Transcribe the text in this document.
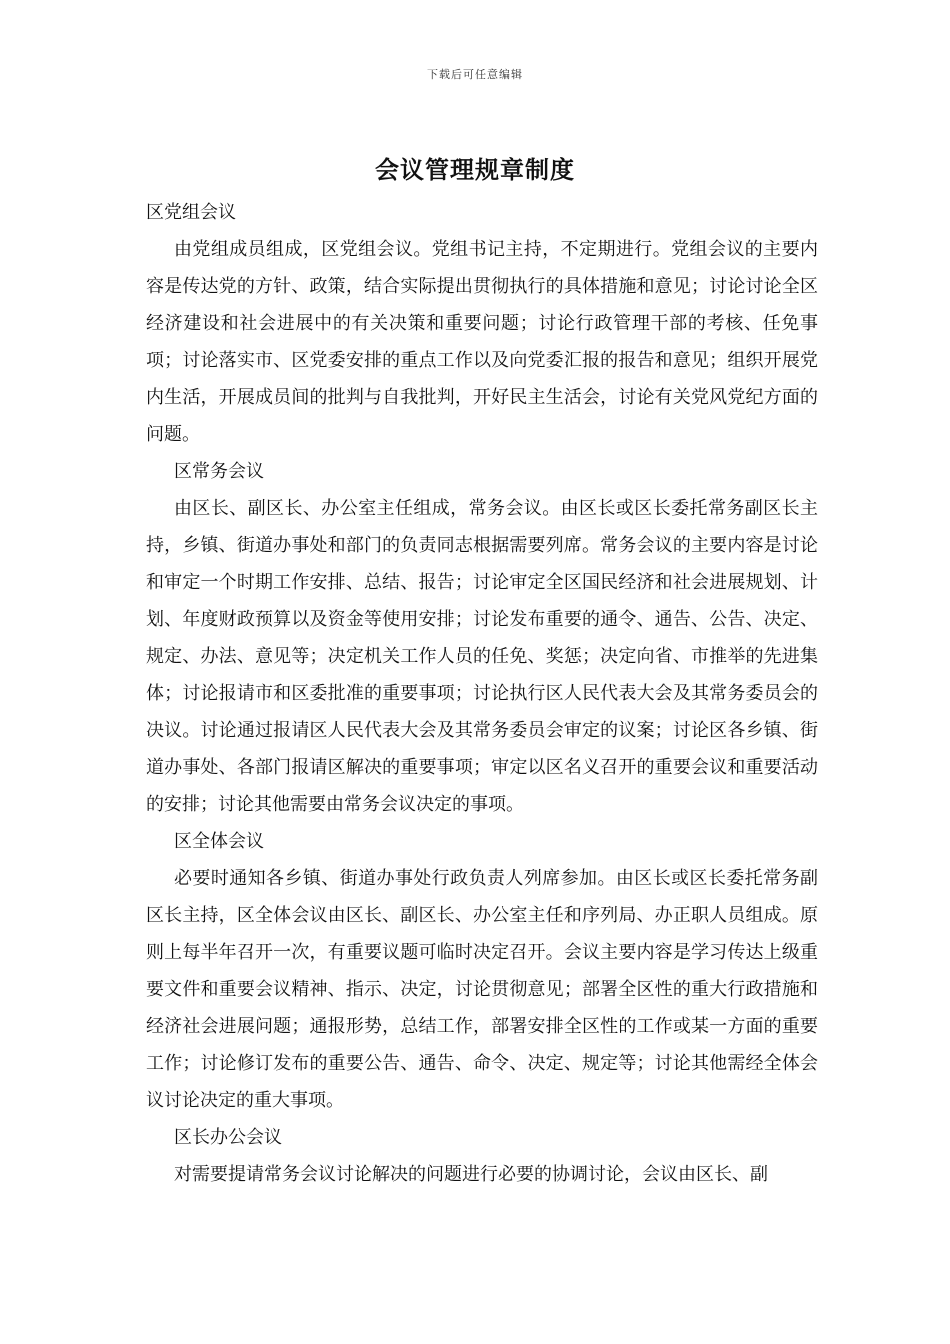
下载后可任意编辑
会议管理规章制度

区党组会议

由党组成员组成，区党组会议。党组书记主持，不定期进行。党组会议的主要内容是传达党的方针、政策，结合实际提出贯彻执行的具体措施和意见；讨论讨论全区经济建设和社会进展中的有关决策和重要问题；讨论行政管理干部的考核、任免事项；讨论落实市、区党委安排的重点工作以及向党委汇报的报告和意见；组织开展党内生活，开展成员间的批判与自我批判，开好民主生活会，讨论有关党风党纪方面的问题。

区常务会议

由区长、副区长、办公室主任组成，常务会议。由区长或区长委托常务副区长主持，乡镇、街道办事处和部门的负责同志根据需要列席。常务会议的主要内容是讨论和审定一个时期工作安排、总结、报告；讨论审定全区国民经济和社会进展规划、计划、年度财政预算以及资金等使用安排；讨论发布重要的通令、通告、公告、决定、规定、办法、意见等；决定机关工作人员的任免、奖惩；决定向省、市推举的先进集体；讨论报请市和区委批准的重要事项；讨论执行区人民代表大会及其常务委员会的决议。讨论通过报请区人民代表大会及其常务委员会审定的议案；讨论区各乡镇、街道办事处、各部门报请区解决的重要事项；审定以区名义召开的重要会议和重要活动的安排；讨论其他需要由常务会议决定的事项。

区全体会议

必要时通知各乡镇、街道办事处行政负责人列席参加。由区长或区长委托常务副区长主持，区全体会议由区长、副区长、办公室主任和序列局、办正职人员组成。原则上每半年召开一次，有重要议题可临时决定召开。会议主要内容是学习传达上级重要文件和重要会议精神、指示、决定，讨论贯彻意见；部署全区性的重大行政措施和经济社会进展问题；通报形势，总结工作，部署安排全区性的工作或某一方面的重要工作；讨论修订发布的重要公告、通告、命令、决定、规定等；讨论其他需经全体会议讨论决定的重大事项。

区长办公会议

对需要提请常务会议讨论解决的问题进行必要的协调讨论，会议由区长、副
